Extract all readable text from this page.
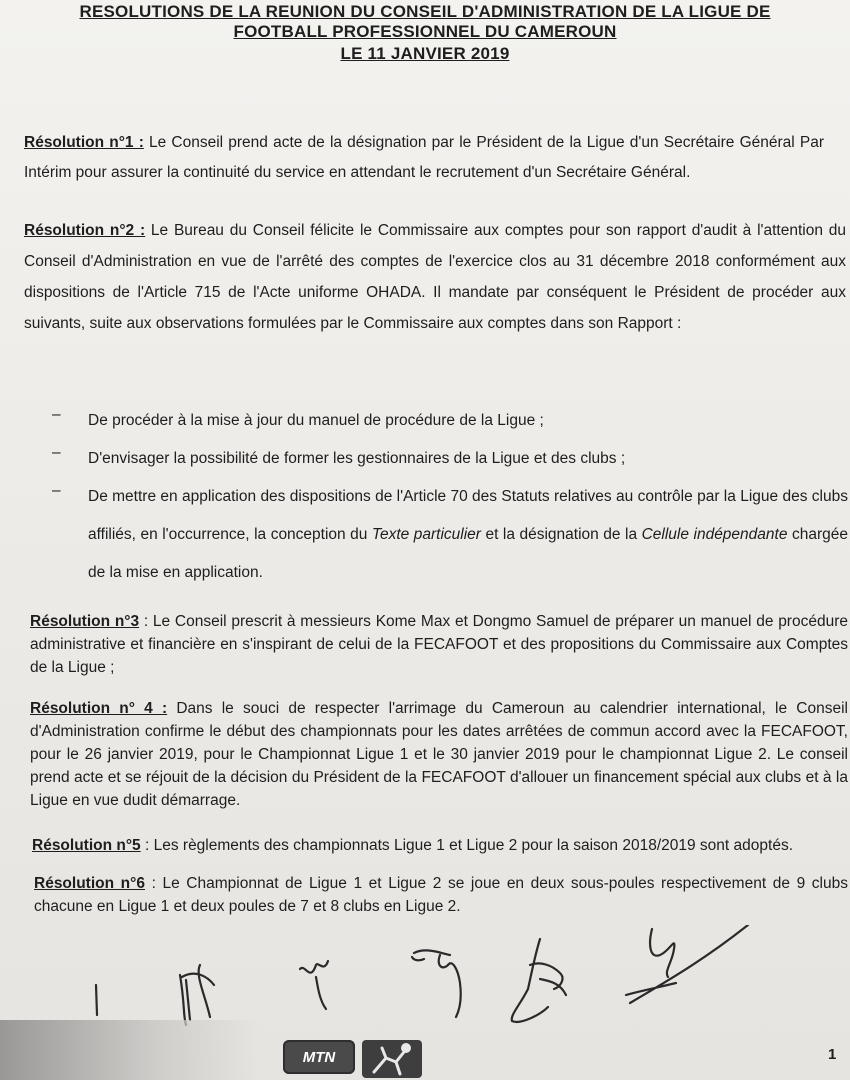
RESOLUTIONS DE LA REUNION DU CONSEIL D'ADMINISTRATION DE LA LIGUE DE
FOOTBALL PROFESSIONNEL DU CAMEROUN
LE 11 JANVIER 2019
Résolution n°1 : Le Conseil prend acte de la désignation par le Président de la Ligue d'un Secrétaire Général Par Intérim pour assurer la continuité du service en attendant le recrutement d'un Secrétaire Général.
Résolution n°2 : Le Bureau du Conseil félicite le Commissaire aux comptes pour son rapport d'audit à l'attention du Conseil d'Administration en vue de l'arrêté des comptes de l'exercice clos au 31 décembre 2018 conformément aux dispositions de l'Article 715 de l'Acte uniforme OHADA. Il mandate par conséquent le Président de procéder aux suivants, suite aux observations formulées par le Commissaire aux comptes dans son Rapport :
– De procéder à la mise à jour du manuel de procédure de la Ligue ;
– D'envisager la possibilité de former les gestionnaires de la Ligue et des clubs ;
– De mettre en application des dispositions de l'Article 70 des Statuts relatives au contrôle par la Ligue des clubs affiliés, en l'occurrence, la conception du Texte particulier et la désignation de la Cellule indépendante chargée de la mise en application.
Résolution n°3 : Le Conseil prescrit à messieurs Kome Max et Dongmo Samuel de préparer un manuel de procédure administrative et financière en s'inspirant de celui de la FECAFOOT et des propositions du Commissaire aux Comptes de la Ligue ;
Résolution n° 4 : Dans le souci de respecter l'arrimage du Cameroun au calendrier international, le Conseil d'Administration confirme le début des championnats pour les dates arrêtées de commun accord avec la FECAFOOT, pour le 26 janvier 2019, pour le Championnat Ligue 1 et le 30 janvier 2019 pour le championnat Ligue 2. Le conseil prend acte et se réjouit de la décision du Président de la FECAFOOT d'allouer un financement spécial aux clubs et à la Ligue en vue dudit démarrage.
Résolution n°5 : Les règlements des championnats Ligue 1 et Ligue 2 pour la saison 2018/2019 sont adoptés.
Résolution n°6 : Le Championnat de Ligue 1 et Ligue 2 se joue en deux sous-poules respectivement de 9 clubs chacune en Ligue 1 et deux poules de 7 et 8 clubs en Ligue 2.
MTN	1
